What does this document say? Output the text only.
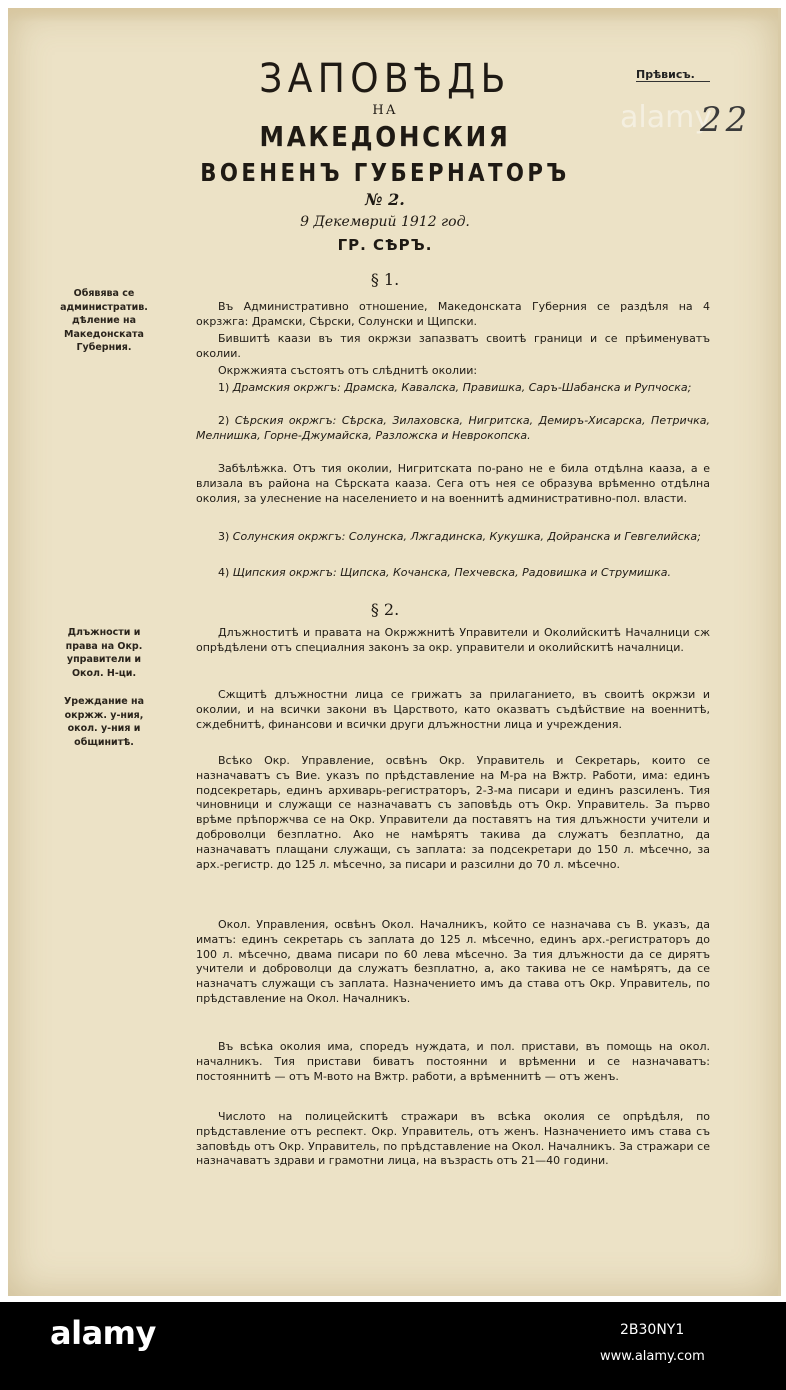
alamy
ЗАПОВѢДЬ
НА
МАКЕДОНСКИЯ
ВОЕНЕНЪ ГУБЕРНАТОРЪ
№ 2.
9 Декемврий 1912 год.
ГР. СѢРЪ.
Прѣвисъ.
22
§ 1.
§ 2.
Обявява се административ. дѣление на Македонската Губерния.
Длъжности и права на Окр. управители и Окол. Н-ци.
Уреждание на окржж. у-ния, окол. у-ния и общинитѣ.

Въ Административно отношение, Македонската Губерния се раздѣля на 4 окрзжга: Драмски, Сѣрски, Солунски и Щипски.

Бившитѣ каази въ тия окржзи запазватъ своитѣ граници и се прѣименуватъ околии.

Окржжията състоятъ отъ слѣднитѣ околии:

1) Драмския окржгъ: Драмска, Кавалска, Правишка, Саръ-Шабанска и Рупчоска;
2) Сѣрския окржгъ: Сѣрска, Зилаховска, Нигритска, Демиръ-Хисарска, Петричка, Мелнишка, Горне-Джумайска, Разложска и Неврокопска.

Забѣлѣжка. Отъ тия околии, Нигритската по-рано не е била отдѣлна кааза, а е влизала въ района на Сѣрската кааза. Сега отъ нея се образува врѣменно отдѣлна околия, за улеснение на населението и на военнитѣ административно-пол. власти.

3) Солунския окржгъ: Солунска, Лжгадинска, Кукушка, Дойранска и Гевгелийска;
4) Щипския окржгъ: Щипска, Кочанска, Пехчевска, Радовишка и Струмишка.

Длъжноститѣ и правата на Окржжнитѣ Управители и Околийскитѣ Началници сж опрѣдѣлени отъ специалния законъ за окр. управители и околийскитѣ началници.

Сжщитѣ длъжностни лица се грижатъ за прилаганието, въ своитѣ окржзи и околии, и на всички закони въ Царството, като оказватъ съдѣйствие на военнитѣ, сждебнитѣ, финансови и всички други длъжностни лица и учреждения.

Всѣко Окр. Управление, освѣнъ Окр. Управитель и Секретарь, които се назначаватъ съ Вие. указъ по прѣдставление на М-ра на Вжтр. Работи, има: единъ подсекретарь, единъ архиварь-регистраторъ, 2-3-ма писари и единъ разсиленъ. Тия чиновници и служащи се назначаватъ съ заповѣдь отъ Окр. Управитель. За първо врѣме прѣпоржчва се на Окр. Управители да поставятъ на тия длъжности учители и доброволци безплатно. Ако не намѣрятъ такива да служатъ безплатно, да назначаватъ плащани служащи, съ заплата: за подсекретари до 150 л. мѣсечно, за арх.-регистр. до 125 л. мѣсечно, за писари и разсилни до 70 л. мѣсечно.

Окол. Управления, освѣнъ Окол. Началникъ, който се назначава съ В. указъ, да иматъ: единъ секретарь съ заплата до 125 л. мѣсечно, единъ арх.-регистраторъ до 100 л. мѣсечно, двама писари по 60 лева мѣсечно. За тия длъжности да се дирятъ учители и доброволци да служатъ безплатно, а, ако такива не се намѣрятъ, да се назначатъ служащи съ заплата. Назначението имъ да става отъ Окр. Управитель, по прѣдставление на Окол. Началникъ.

Въ всѣка околия има, споредъ нуждата, и пол. пристави, въ помощь на окол. началникъ. Тия пристави биватъ постоянни и врѣменни и се назначаватъ: постояннитѣ — отъ М-вото на Вжтр. работи, а врѣменнитѣ — отъ женъ.

Числото на полицейскитѣ стражари въ всѣка околия се опрѣдѣля, по прѣдставление отъ респект. Окр. Управитель, отъ женъ. Назначението имъ става съ заповѣдь отъ Окр. Управитель, по прѣдставление на Окол. Началникъ. За стражари се назначаватъ здрави и грамотни лица, на възрасть отъ 21—40 години.

alamy	2B30NY1
www.alamy.com
